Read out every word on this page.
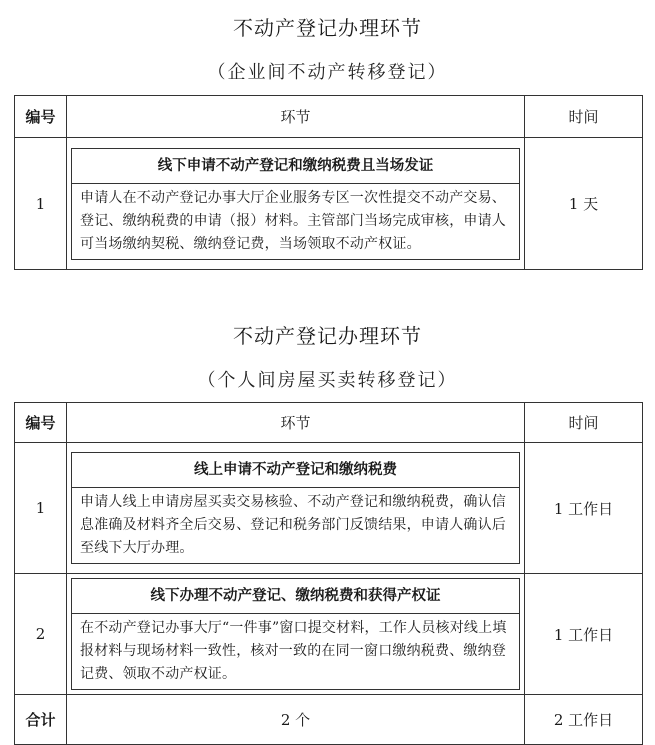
不动产登记办理环节
（企业间不动产转移登记）
编号	环节	时间
1	线下申请不动产登记和缴纳税费且当场发证
申请人在不动产登记办事大厅企业服务专区一次性提交不动产交易、登记、缴纳税费的申请（报）材料。主管部门当场完成审核，申请人可当场缴纳契税、缴纳登记费，当场领取不动产权证。	1 天
不动产登记办理环节
（个人间房屋买卖转移登记）
编号	环节	时间
1	线上申请不动产登记和缴纳税费
申请人线上申请房屋买卖交易核验、不动产登记和缴纳税费，确认信息准确及材料齐全后交易、登记和税务部门反馈结果，申请人确认后至线下大厅办理。	1 工作日
2	线下办理不动产登记、缴纳税费和获得产权证
在不动产登记办事大厅“一件事”窗口提交材料，工作人员核对线上填报材料与现场材料一致性，核对一致的在同一窗口缴纳税费、缴纳登记费、领取不动产权证。	1 工作日
合计	2 个	2 工作日
